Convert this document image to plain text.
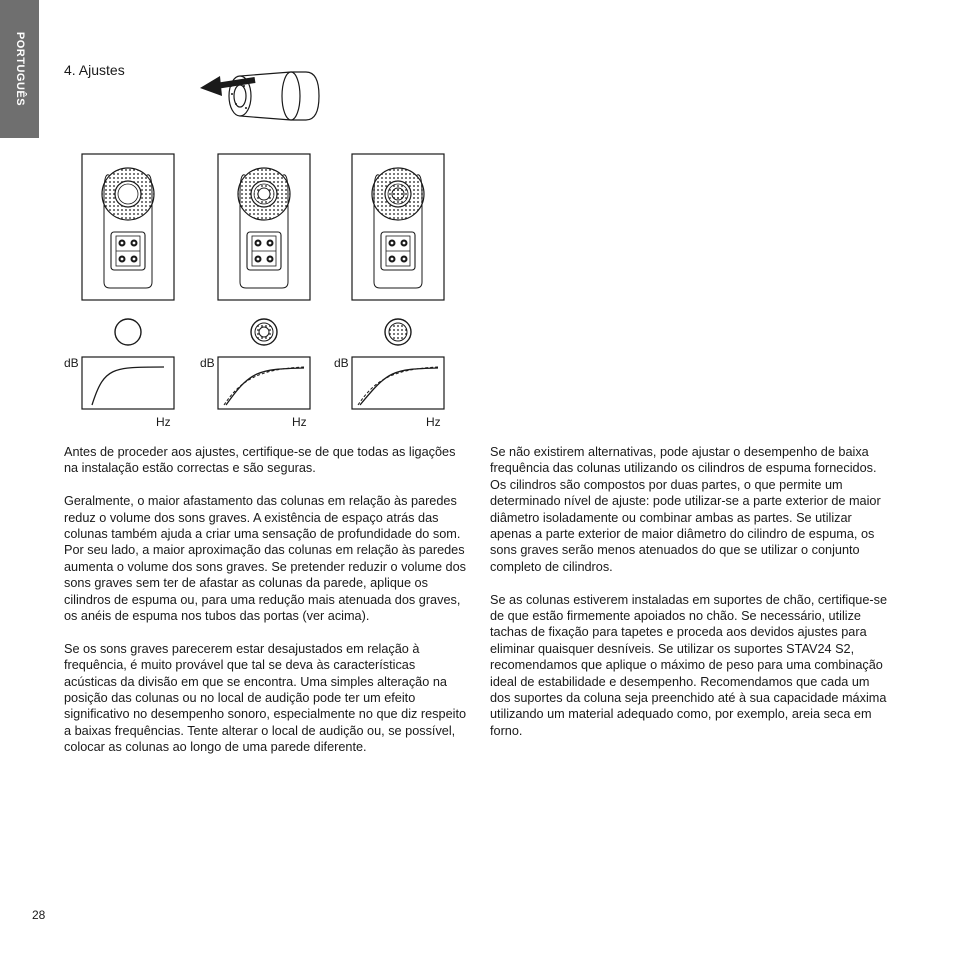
PORTUGUÊS	4. Ajustes
dB
Hz
dB
Hz
dB
Hz

Antes de proceder aos ajustes, certifique-se de que todas as ligações na instalação estão correctas e são seguras.

Geralmente, o maior afastamento das colunas em relação às paredes reduz o volume dos sons graves. A existência de espaço atrás das colunas também ajuda a criar uma sensação de profundidade do som. Por seu lado, a maior aproximação das colunas em relação às paredes aumenta o volume dos sons graves. Se pretender reduzir o volume dos sons graves sem ter de afastar as colunas da parede, aplique os cilindros de espuma ou, para uma redução mais atenuada dos graves, os anéis de espuma nos tubos das portas (ver acima).

Se os sons graves parecerem estar desajustados em relação à frequência, é muito provável que tal se deva às características acústicas da divisão em que se encontra. Uma simples alteração na posição das colunas ou no local de audição pode ter um efeito significativo no desempenho sonoro, especialmente no que diz respeito a baixas frequências. Tente alterar o local de audição ou, se possível, colocar as colunas ao longo de uma parede diferente.

Se não existirem alternativas, pode ajustar o desempenho de baixa frequência das colunas utilizando os cilindros de espuma fornecidos. Os cilindros são compostos por duas partes, o que permite um determinado nível de ajuste: pode utilizar-se a parte exterior de maior diâmetro isoladamente ou combinar ambas as partes. Se utilizar apenas a parte exterior de maior diâmetro do cilindro de espuma, os sons graves serão menos atenuados do que se utilizar o conjunto completo de cilindros.

Se as colunas estiverem instaladas em suportes de chão, certifique-se de que estão firmemente apoiados no chão. Se necessário, utilize tachas de fixação para tapetes e proceda aos devidos ajustes para eliminar quaisquer desníveis. Se utilizar os suportes STAV24 S2, recomendamos que aplique o máximo de peso para uma combinação ideal de estabilidade e desempenho. Recomendamos que cada um dos suportes da coluna seja preenchido até à sua capacidade máxima utilizando um material adequado como, por exemplo, areia seca em forno.

28
